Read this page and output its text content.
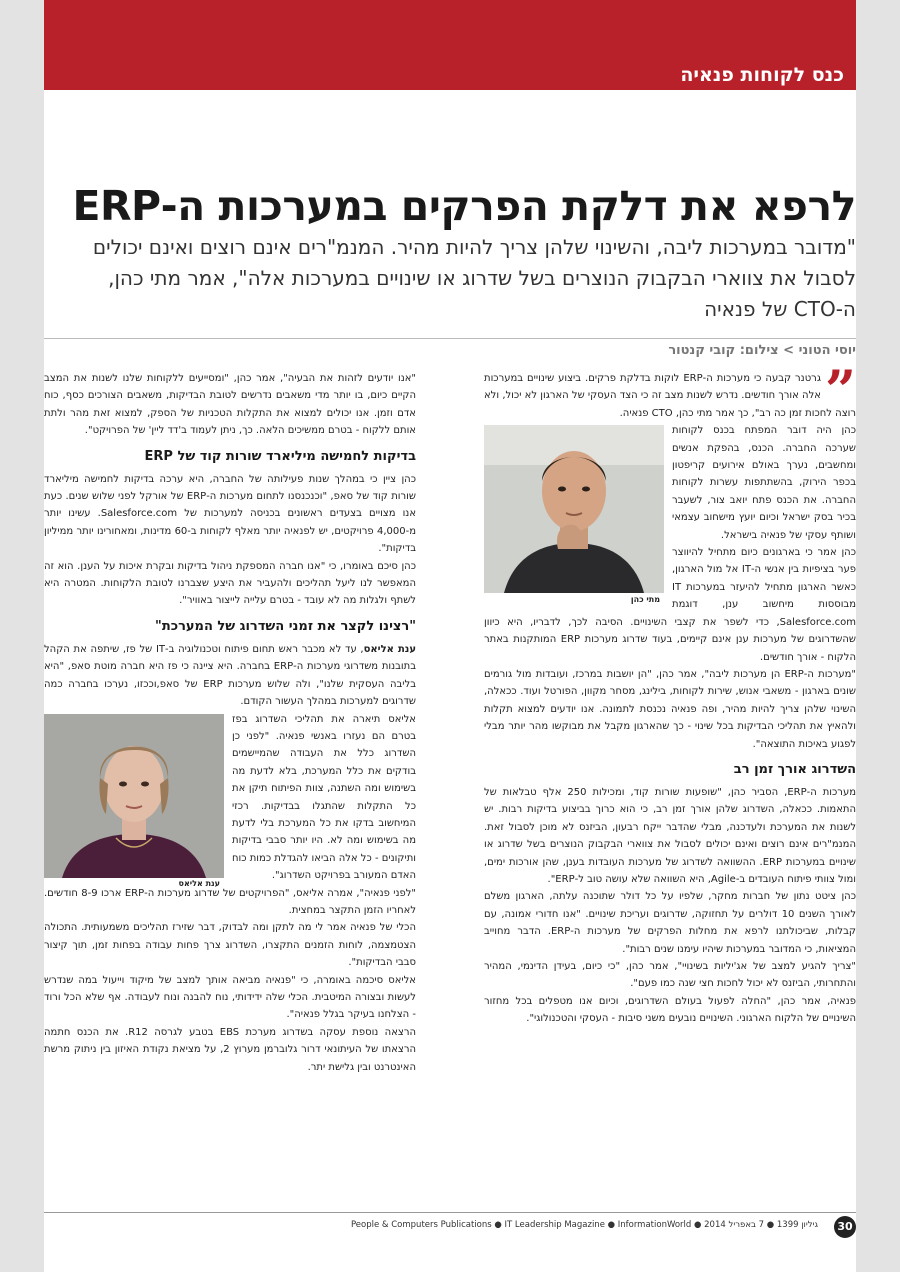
כנס לקוחות פנאיה
לרפא את דלקת הפרקים במערכות ה-ERP
"מדובר במערכות ליבה, והשינוי שלהן צריך להיות מהיר. המנמ"רים אינם רוצים ואינם יכולים
לסבול את צווארי הבקבוק הנוצרים בשל שדרוג או שינויים במערכות אלה", אמר מתי כהן,
ה-CTO של פנאיה
יוסי הטוני > צילום: קובי קנטור
”

גרטנר קבעה כי מערכות ה-ERP לוקות בדלקת פרקים. ביצוע שינויים במערכות אלה אורך חודשים. נדרש לשנות מצב זה כי הצד העסקי של הארגון לא יכול, ולא רוצה לחכות זמן כה רב", כך אמר מתי כהן, CTO פנאיה.

מתי כהן

כהן היה דובר המפתח בכנס לקוחות שערכה החברה. הכנס, בהפקת אנשים ומחשבים, נערך באולם אירועים קריפטון בכפר הירוק, בהשתתפות עשרות לקוחות החברה. את הכנס פתח יואב צור, לשעבר בכיר בסק ישראל וכיום יועץ מישחוב עצמאי ושותף עסקי של פנאיה בישראל.

כהן אמר כי בארגונים כיום מתחיל להיווצר פער בציפיות בין אנשי ה-IT אל מול הארגון, כאשר הארגון מתחיל להיעזר במערכות IT מבוססות מיחשוב ענן, דוגמת Salesforce.com, כדי לשפר את קצבי השינויים. הסיבה לכך, לדבריו, היא כיוון שהשדרוגים של מערכות ענן אינם קיימים, בעוד שדרוג מערכות ERP המותקנות באתר הלקוח - אורך חודשים.

"מערכות ה-ERP הן מערכות ליבה", אמר כהן, "הן יושבות במרכז, ועובדות מול גורמים שונים בארגון - משאבי אנוש, שירות לקוחות, בילינג, מסחר מקוון, הפורטל ועוד. ככאלה, השינוי שלהן צריך להיות מהיר, ופה פנאיה נכנסת לתמונה. אנו יודעים למצוא תקלות ולהאיץ את תהליכי הבדיקות בכל שינוי - כך שהארגון מקבל את מבוקשו מהר יותר מבלי לפגוע באיכות התוצאה".

השדרוג אורך זמן רב

מערכות ה-ERP, הסביר כהן, "שופעות שורות קוד, ומכילות 250 אלף טבלאות של התאמות. ככאלה, השדרוג שלהן אורך זמן רב, כי הוא כרוך בביצוע בדיקות רבות. יש לשנות את המערכת ולעדכנה, מבלי שהדבר ייקח רבעון, הביזנס לא מוכן לסבול זאת. המנמ"רים אינם רוצים ואינם יכולים לסבול את צווארי הבקבוק הנוצרים בשל שדרוג או שינויים במערכות ERP. ההשוואה לשדרוג של מערכות העובדות בענן, שהן אורכות ימים, ומול צוותי פיתוח העובדים ב-Agile, היא השוואה שלא עושה טוב ל-ERP".

כהן ציטט נתון של חברות מחקר, שלפיו על כל דולר שתוכנה עלתה, הארגון משלם לאורך השנים 10 דולרים על תחזוקה, שדרוגים ועריכת שינויים. "אנו חדורי אמונה, עם קבלות, שביכולתנו לרפא את מחלות הפרקים של מערכות ה-ERP. הדבר מחוייב המציאות, כי המדובר במערכות שיהיו עימנו שנים רבות".

"צריך להגיע למצב של אג'יליות בשינויי", אמר כהן, "כי כיום, בעידן הדינמי, המהיר והתחרותי, הביזנס לא יכול לחכות חצי שנה כמו פעם".

פנאיה, אמר כהן, "החלה לפעול בעולם השדרוגים, וכיום אנו מטפלים בכל מחזור השינויים של הלקוח הארגוני. השינויים נובעים משני סיבות - העסקי והטכנולוגי".

"אנו יודעים לזהות את הבעיה", אמר כהן, "ומסייעים ללקוחות שלנו לשנות את המצב הקיים כיום, בו יותר מדי משאבים נדרשים לטובת הבדיקות, משאבים הצורכים כסף, כוח אדם וזמן. אנו יכולים למצוא את התקלות הטכניות של הספק, למצוא זאת מהר ולתת אותם ללקוח - בטרם ממשיכים הלאה. כך, ניתן לעמוד ב'דד ליין' של הפרויקט".

בדיקות לחמישה מיליארד שורות קוד של ERP

כהן ציין כי במהלך שנות פעילותה של החברה, היא ערכה בדיקות לחמישה מיליארד שורות קוד של סאפ, "וכנכנסנו לתחום מערכות ה-ERP של אורקל לפני שלוש שנים. כעת אנו מצויים בצעדים ראשונים בכניסה למערכות של Salesforce.com. עשינו יותר מ-4,000 פרויקטים, יש לפנאיה יותר מאלף לקוחות ב-60 מדינות, ומאחורינו יותר ממיליון בדיקות".

כהן סיכם באומרו, כי "אנו חברה המספקת ניהול בדיקות ובקרת איכות על הענן. הוא זה המאפשר לנו ליעל תהליכים ולהעביר את היצע שצברנו לטובת הלקוחות. המטרה היא לשתף ולגלות מה לא עובד - בטרם עלייה לייצור באוויר".

"רצינו לקצר את זמני השדרוג של המערכת"

ענת אליאס, עד לא מכבר ראש תחום פיתוח וטכנולוגיה ב-IT של פז, שיתפה את הקהל בתובנות משדרוגי מערכות ה-ERP בחברה. היא ציינה כי פז היא חברה מוטת סאפ, "היא בליבה העסקית שלנו", ולה שלוש מערכות ERP של סאפ,וככזו, נערכו בחברה כמה שדרוגים למערכות במהלך העשור הקודם.

ענת אליאס

אליאס תיארה את תהליכי השדרוג בפז בטרם הם נעזרו באנשי פנאיה. "לפני כן השדרוג כלל את העבודה שהמיישמים בודקים את כלל המערכת, בלא לדעת מה בשימוש ומה השתנה, צוות הפיתוח תיקן את כל התקלות שהתגלו בבדיקות. רכזי המיחשוב בדקו את כל המערכת בלי לדעת מה בשימוש ומה לא. היו יותר סבבי בדיקות ותיקונים - כל אלה הביאו להגדלת כמות כוח האדם המעורב בפרויקט השדרוג".

"לפני פנאיה", אמרה אליאס, "הפרויקטים של שדרוג מערכות ה-ERP ארכו 8-9 חודשים. לאחריו הזמן התקצר במחצית.

הכלי של פנאיה אמר לי מה לתקן ומה לבדוק, דבר שזירז תהליכים משמעותית. התכולה הצטמצמה, לוחות הזמנים התקצרו, השדרוג צרך פחות עבודה בפחות זמן, תוך קיצור סבבי הבדיקות".

אליאס סיכמה באומרה, כי "פנאיה מביאה אותך למצב של מיקוד וייעול במה שנדרש לעשות ובצורה המיטבית. הכלי שלה ידידותי, נוח להבנה ונוח לעבודה. אף שלא הכל ורוד - הצלחנו בעיקר בגלל פנאיה".

הרצאה נוספת עסקה בשדרוג מערכת EBS בטבע לגרסה R12. את הכנס חתמה הרצאתו של העיתונאי דרור גלוברמן מערוץ 2, על מציאת נקודת האיזון בין ניתוק מרשת האינטרנט ובין גלישת יתר.

People & Computers Publications ● IT Leadership Magazine ● InformationWorld ● גיליון 1399 ● 7 באפריל 2014	30
